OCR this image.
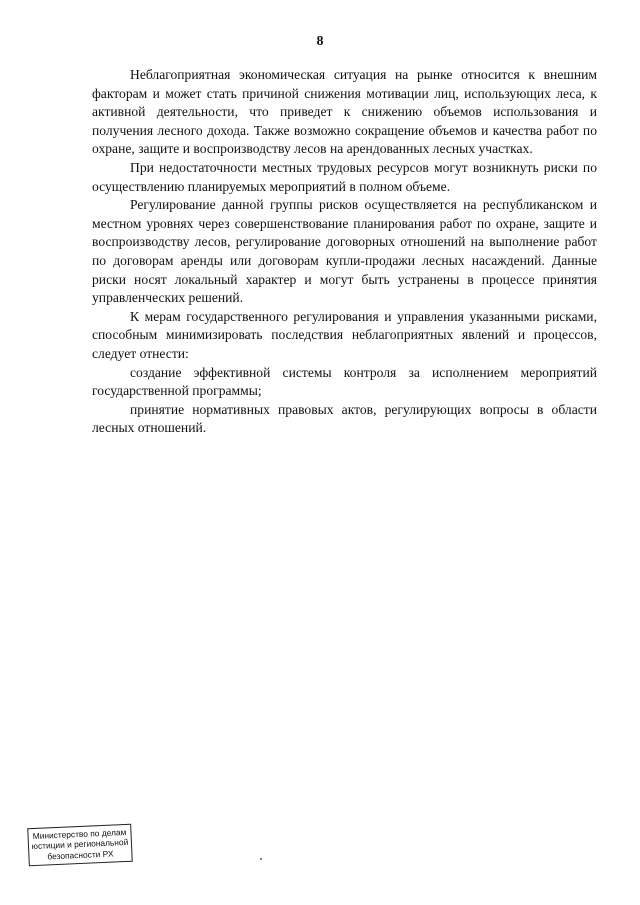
8

Неблагоприятная экономическая ситуация на рынке относится к внешним факторам и может стать причиной снижения мотивации лиц, использующих леса, к активной деятельности, что приведет к снижению объемов использования и получения лесного дохода. Также возможно сокращение объемов и качества работ по охране, защите и воспроизводству лесов на арендованных лесных участках.

При недостаточности местных трудовых ресурсов могут возникнуть риски по осуществлению планируемых мероприятий в полном объеме.

Регулирование данной группы рисков осуществляется на республиканском и местном уровнях через совершенствование планирования работ по охране, защите и воспроизводству лесов, регулирование договорных отношений на выполнение работ по договорам аренды или договорам купли-продажи лесных насаждений. Данные риски носят локальный характер и могут быть устранены в процессе принятия управленческих решений.

К мерам государственного регулирования и управления указанными рисками, способным минимизировать последствия неблагоприятных явлений и процессов, следует отнести:

создание эффективной системы контроля за исполнением мероприятий государственной программы;

принятие нормативных правовых актов, регулирующих вопросы в области лесных отношений.

Министерство по делам
юстиции и региональной
безопасности РХ
